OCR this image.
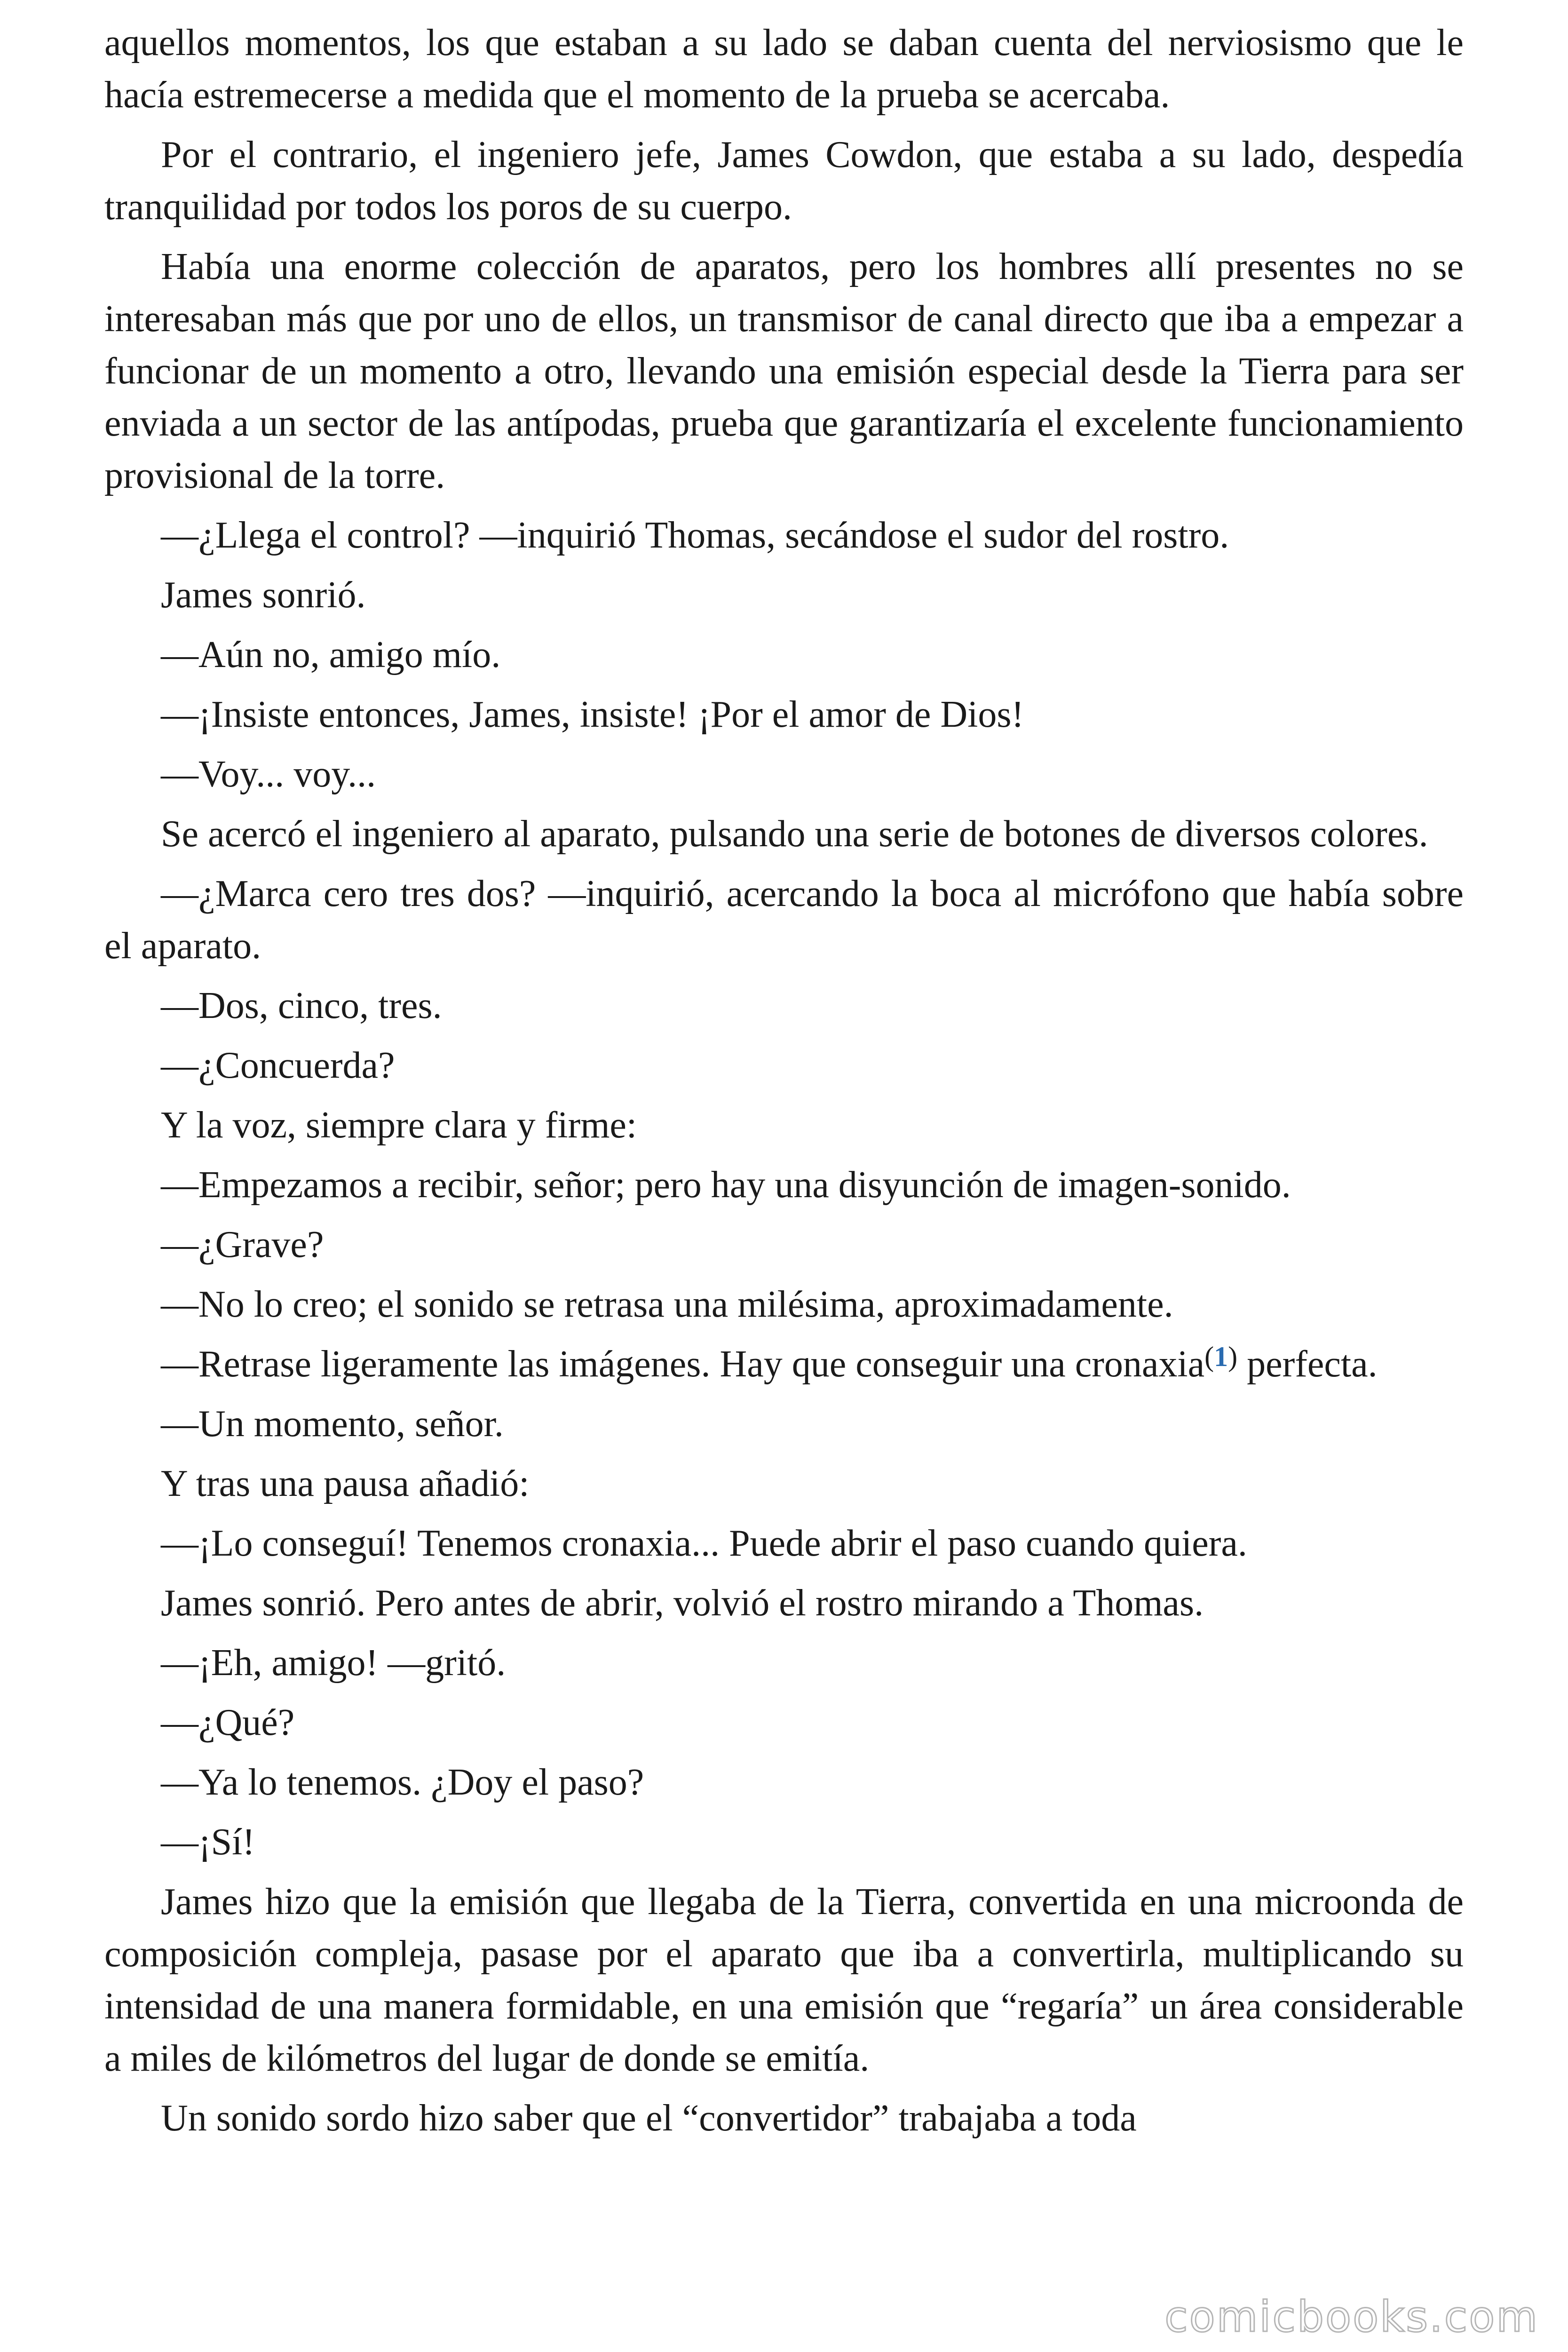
aquellos momentos, los que estaban a su lado se daban cuenta del nerviosismo que le hacía estremecerse a medida que el momento de la prueba se acercaba.

Por el contrario, el ingeniero jefe, James Cowdon, que estaba a su lado, despedía tranquilidad por todos los poros de su cuerpo.

Había una enorme colección de aparatos, pero los hombres allí presentes no se interesaban más que por uno de ellos, un transmisor de canal directo que iba a empezar a funcionar de un momento a otro, llevando una emisión especial desde la Tierra para ser enviada a un sector de las antípodas, prueba que garantizaría el excelente funcionamiento provisional de la torre.

—¿Llega el control? —inquirió Thomas, secándose el sudor del rostro.

James sonrió.

—Aún no, amigo mío.

—¡Insiste entonces, James, insiste! ¡Por el amor de Dios!

—Voy... voy...

Se acercó el ingeniero al aparato, pulsando una serie de botones de diversos colores.

—¿Marca cero tres dos? —inquirió, acercando la boca al micrófono que había sobre el aparato.

—Dos, cinco, tres.

—¿Concuerda?

Y la voz, siempre clara y firme:

—Empezamos a recibir, señor; pero hay una disyunción de imagen-sonido.

—¿Grave?

—No lo creo; el sonido se retrasa una milésima, aproximadamente.

—Retrase ligeramente las imágenes. Hay que conseguir una cronaxia$^{(1)}$ perfecta.

—Un momento, señor.

Y tras una pausa añadió:

—¡Lo conseguí! Tenemos cronaxia... Puede abrir el paso cuando quiera.

James sonrió. Pero antes de abrir, volvió el rostro mirando a Thomas.

—¡Eh, amigo! —gritó.

—¿Qué?

—Ya lo tenemos. ¿Doy el paso?

—¡Sí!

James hizo que la emisión que llegaba de la Tierra, convertida en una microonda de composición compleja, pasase por el aparato que iba a convertirla, multiplicando su intensidad de una manera formidable, en una emisión que “regaría” un área considerable a miles de kilómetros del lugar de donde se emitía.

Un sonido sordo hizo saber que el “convertidor” trabajaba a toda

comicbooks.com
